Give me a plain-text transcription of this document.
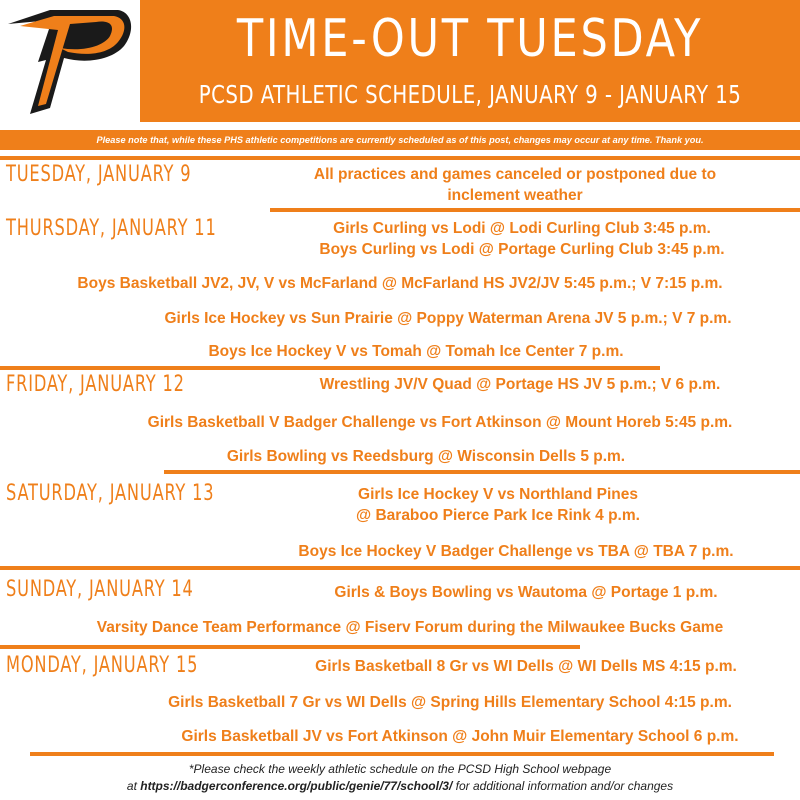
TIME-OUT TUESDAY
PCSD ATHLETIC SCHEDULE, JANUARY 9 - JANUARY 15
Please note that, while these PHS athletic competitions are currently scheduled as of this post, changes may occur at any time. Thank you.
TUESDAY, JANUARY 9
THURSDAY, JANUARY 11
FRIDAY, JANUARY 12
SATURDAY, JANUARY 13
SUNDAY, JANUARY 14
MONDAY, JANUARY 15
All practices and games canceled or postponed due to
inclement weather
Girls Curling vs Lodi @ Lodi Curling Club 3:45 p.m.
Boys Curling vs Lodi @ Portage Curling Club 3:45 p.m.
Boys Basketball JV2, JV, V vs McFarland @ McFarland HS JV2/JV 5:45 p.m.; V 7:15 p.m.
Girls Ice Hockey vs Sun Prairie @ Poppy Waterman Arena JV 5 p.m.; V 7 p.m.
Boys Ice Hockey V vs Tomah @ Tomah Ice Center 7 p.m.
Wrestling JV/V Quad @ Portage HS JV 5 p.m.; V 6 p.m.
Girls Basketball V Badger Challenge vs Fort Atkinson @ Mount Horeb 5:45 p.m.
Girls Bowling vs Reedsburg @ Wisconsin Dells 5 p.m.
Girls Ice Hockey V vs Northland Pines
@ Baraboo Pierce Park Ice Rink 4 p.m.
Boys Ice Hockey V Badger Challenge vs TBA @ TBA 7 p.m.
Girls & Boys Bowling vs Wautoma @ Portage 1 p.m.
Varsity Dance Team Performance @ Fiserv Forum during the Milwaukee Bucks Game
Girls Basketball 8 Gr vs WI Dells @ WI Dells MS 4:15 p.m.
Girls Basketball 7 Gr vs WI Dells @ Spring Hills Elementary School 4:15 p.m.
Girls Basketball JV vs Fort Atkinson @ John Muir Elementary School 6 p.m.
*Please check the weekly athletic schedule on the PCSD High School webpage
at https://badgerconference.org/public/genie/77/school/3/ for additional information and/or changes
